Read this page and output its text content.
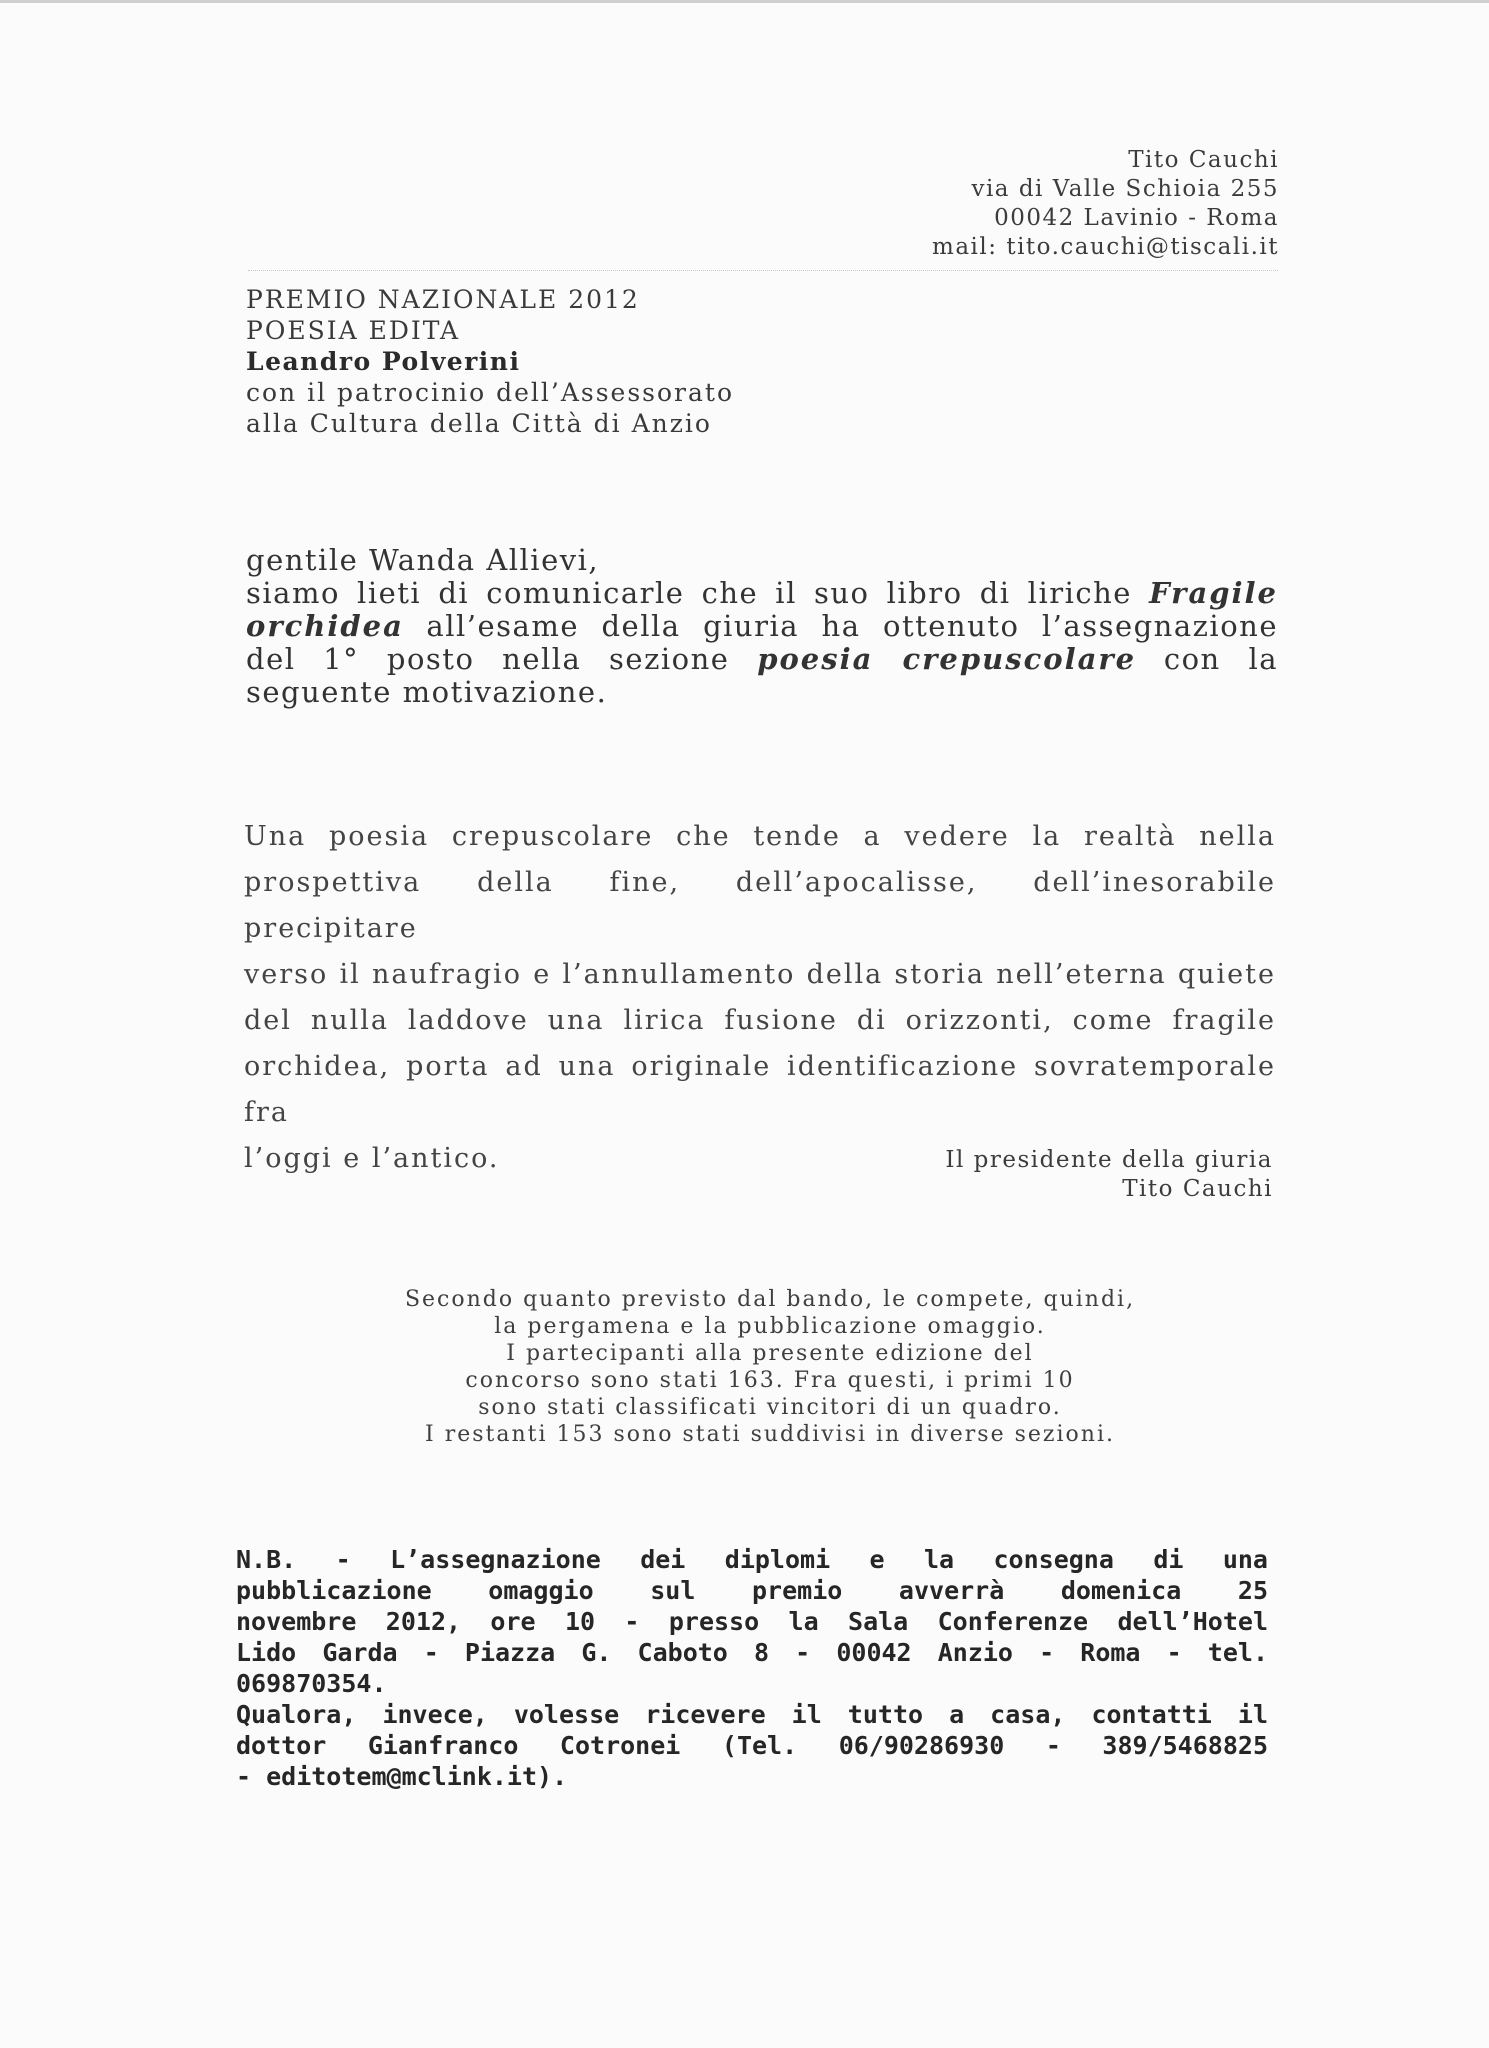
Tito Cauchi
via di Valle Schioia 255
00042 Lavinio - Roma
mail: tito.cauchi@tiscali.it
PREMIO NAZIONALE 2012
POESIA EDITA
Leandro Polverini
con il patrocinio dell’Assessorato
alla Cultura della Città di Anzio
gentile Wanda Allievi,
siamo lieti di comunicarle che il suo libro di liriche Fragile
orchidea all’esame della giuria ha ottenuto l’assegnazione
del 1° posto nella sezione poesia crepuscolare con la
seguente motivazione.
Una poesia crepuscolare che tende a vedere la realtà nella
prospettiva della fine, dell’apocalisse, dell’inesorabile precipitare
verso il naufragio e l’annullamento della storia nell’eterna quiete
del nulla laddove una lirica fusione di orizzonti, come fragile
orchidea, porta ad una originale identificazione sovratemporale fra
l’oggi e l’antico.	Il presidente della giuria
Tito Cauchi
Secondo quanto previsto dal bando, le compete, quindi,
la pergamena e la pubblicazione omaggio.
I partecipanti alla presente edizione del
concorso sono stati 163. Fra questi, i primi 10
sono stati classificati vincitori di un quadro.
I restanti 153 sono stati suddivisi in diverse sezioni.
N.B. - L’assegnazione dei diplomi e la consegna di una
pubblicazione omaggio sul premio avverrà domenica 25
novembre 2012, ore 10 - presso la Sala Conferenze dell’Hotel
Lido Garda - Piazza G. Caboto 8 - 00042 Anzio - Roma - tel.
069870354.
Qualora, invece, volesse ricevere il tutto a casa, contatti il
dottor Gianfranco Cotronei (Tel. 06/90286930 - 389/5468825
- editotem@mclink.it).
